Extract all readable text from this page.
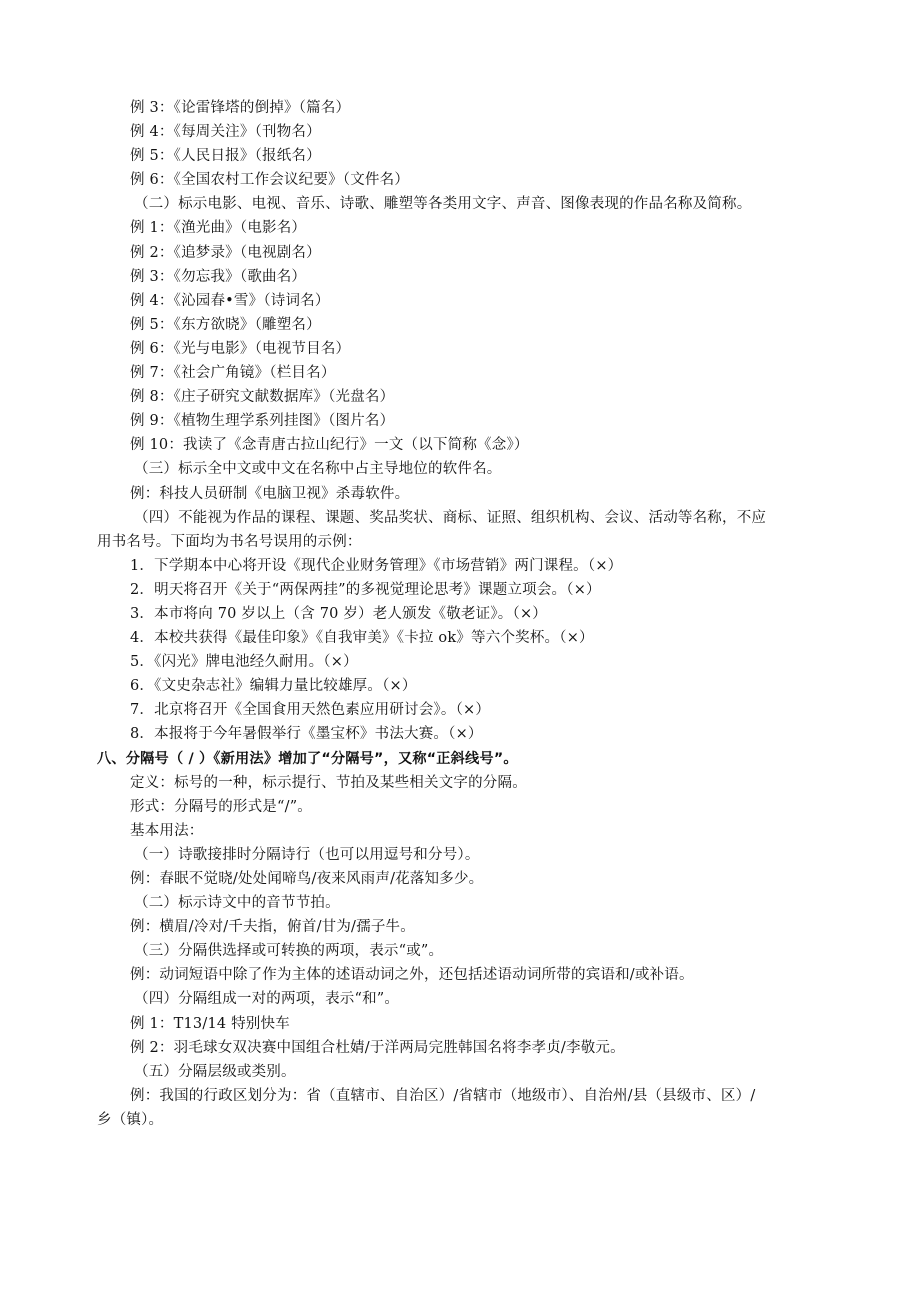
例 3：《论雷锋塔的倒掉》（篇名）
例 4：《每周关注》（刊物名）
例 5：《人民日报》（报纸名）
例 6：《全国农村工作会议纪要》（文件名）
（二）标示电影、电视、音乐、诗歌、雕塑等各类用文字、声音、图像表现的作品名称及简称。
例 1：《渔光曲》（电影名）
例 2：《追梦录》（电视剧名）
例 3：《勿忘我》（歌曲名）
例 4：《沁园春•雪》（诗词名）
例 5：《东方欲晓》（雕塑名）
例 6：《光与电影》（电视节目名）
例 7：《社会广角镜》（栏目名）
例 8：《庄子研究文献数据库》（光盘名）
例 9：《植物生理学系列挂图》（图片名）
例 10：我读了《念青唐古拉山纪行》一文（以下简称《念》）
（三）标示全中文或中文在名称中占主导地位的软件名。
例：科技人员研制《电脑卫视》杀毒软件。
（四）不能视为作品的课程、课题、奖品奖状、商标、证照、组织机构、会议、活动等名称，不应
用书名号。下面均为书名号误用的示例：
1．下学期本中心将开设《现代企业财务管理》《市场营销》两门课程。（×）
2．明天将召开《关于“两保两挂”的多视觉理论思考》课题立项会。（×）
3．本市将向 70 岁以上（含 70 岁）老人颁发《敬老证》。（×）
4．本校共获得《最佳印象》《自我审美》《卡拉 ok》等六个奖杯。（×）
5．《闪光》牌电池经久耐用。（×）
6．《文史杂志社》编辑力量比较雄厚。（×）
7．北京将召开《全国食用天然色素应用研讨会》。（×）
8．本报将于今年暑假举行《墨宝杯》书法大赛。（×）
八、分隔号（ / ）《新用法》增加了“分隔号”，又称“正斜线号”。
定义：标号的一种，标示提行、节拍及某些相关文字的分隔。
形式：分隔号的形式是“/”。
基本用法：
（一）诗歌接排时分隔诗行（也可以用逗号和分号）。
例：春眠不觉晓/处处闻啼鸟/夜来风雨声/花落知多少。
（二）标示诗文中的音节节拍。
例：横眉/冷对/千夫指，俯首/甘为/孺子牛。
（三）分隔供选择或可转换的两项，表示“或”。
例：动词短语中除了作为主体的述语动词之外，还包括述语动词所带的宾语和/或补语。
（四）分隔组成一对的两项，表示“和”。
例 1：T13/14 特别快车
例 2：羽毛球女双决赛中国组合杜婧/于洋两局完胜韩国名将李孝贞/李敬元。
（五）分隔层级或类别。
例：我国的行政区划分为：省（直辖市、自治区）/省辖市（地级市）、自治州/县（县级市、区）/
乡（镇）。
